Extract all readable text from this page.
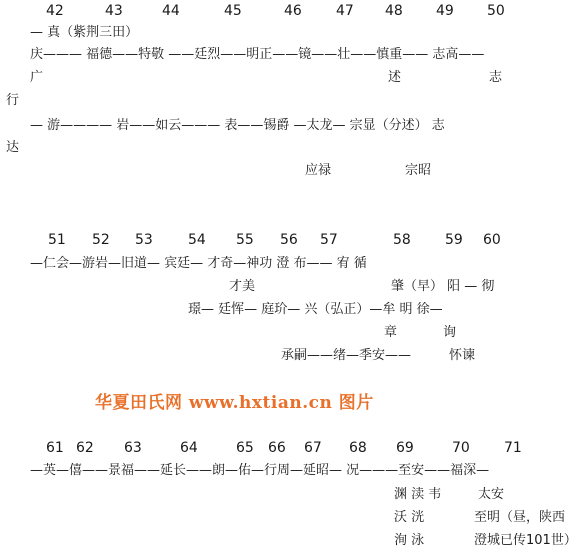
42	43	44	45	46 47 48 49 50
— 真（紫荆三田）
庆——— 福德——特敬 ——廷烈——明正——镜——壮——慎重—— 志高——
广	述	志
行
— 游———— 岩——如云——— 表——锡爵 —太龙— 宗显（分述） 志
达
应禄	宗昭
51 52 53	54 55 56 57	58 59 60
—仁会—游岩—旧道— 宾廷— 才奇—神功 澄 布—— 宥 循
才美	肇（早） 阳 — 彻
璟— 廷恽— 庭玠— 兴（弘正）—牟 明 徐—
章	询
承嗣——绪—季安——	怀谏
华夏田氏网 www.hxtian.cn 图片
61 62 63	64	65 66 67 68 69	70 71
—英—僖——景福——延长——朗—佑—行周—延昭— 况———至安——福深—
渊 渎 韦	太安
沃 洸	至明（昼，陕西
洵 泳	澄城已传101世）
